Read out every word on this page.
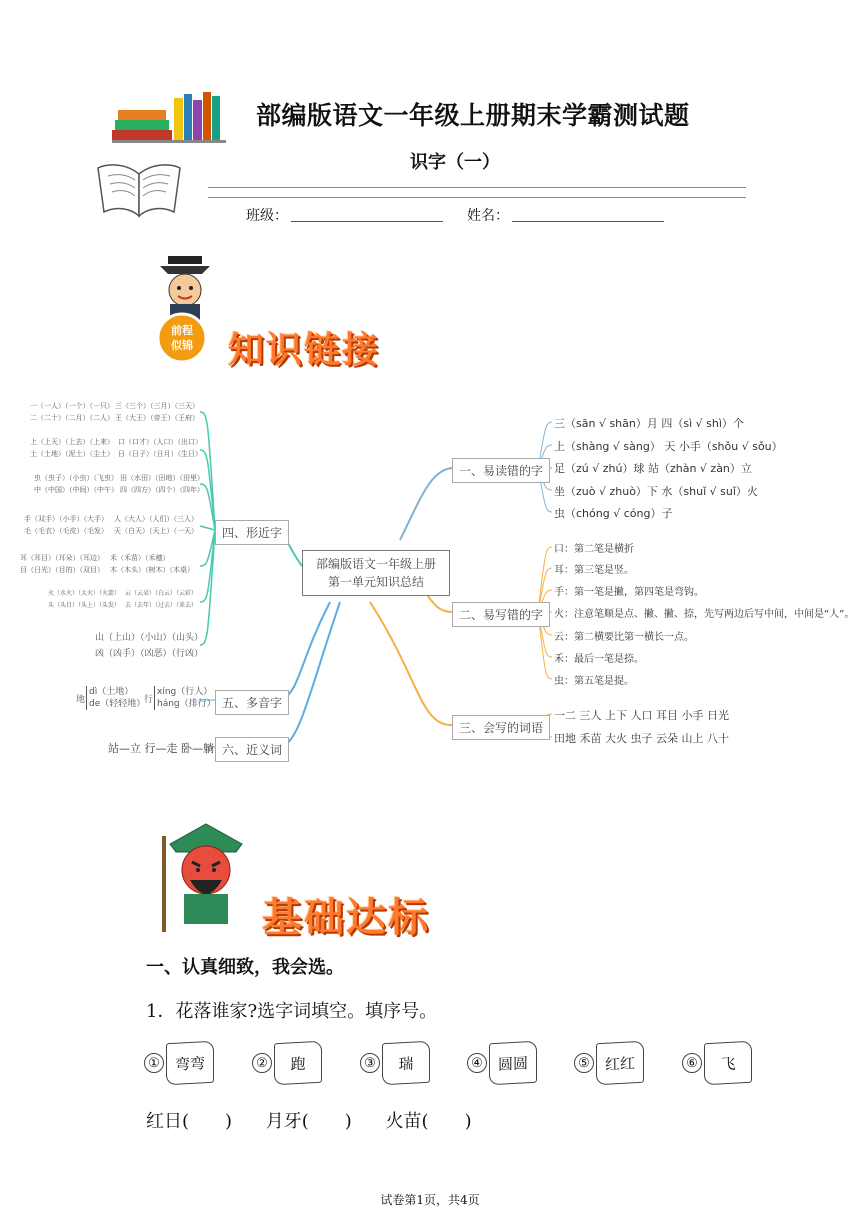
部编版语文一年级上册期末学霸测试题
识字（一）
班级：	姓名：
前程
似锦 知识链接
部编版语文一年级上册
第一单元知识总结
一、易读错的字
二、易写错的字
三、会写的词语
四、形近字
五、多音字
六、近义词
三（sān √ shān）月 四（sì √ shì）个
上（shàng √ sàng） 天 小手（shǒu √ sǒu）
足（zú √ zhú）球 站（zhàn √ zàn）立
坐（zuò √ zhuò）下 水（shuǐ √ suǐ）火
虫（chóng √ cóng）子
口：第二笔是横折
耳：第三笔是竖。
手：第一笔是撇，第四笔是弯钩。
火：注意笔顺是点、撇、撇、捺，先写两边后写中间，中间是“人”。
云：第二横要比第一横长一点。
禾：最后一笔是捺。
虫：第五笔是提。
一二 三人 上下 人口 耳目 小手 日光
田地 禾苗 大火 虫子 云朵 山上 八十
一（一人）（一个）（一只）
二（二十）（二月）（二人）
三（三个）（三月）（三天）
王（大王）（帝王）（王府）
上（上天）（上去）（上来）
土（土地）（泥土）（尘土）
口（口才）（人口）（出口）
日（日子）（日月）（生日）
虫（虫子）（小虫）（飞虫）
中（中国）（中间）（中午）
田（水田）（田地）（田里）
四（四方）（四个）（四年）
手（双手）（小手）（大手）
毛（毛衣）（毛皮）（毛发）
人（大人）（人们）（三人）
天（白天）（天上）（一天）
耳（耳目）（耳朵）（耳边）
目（日光）（目的）（双目）
禾（禾苗）（禾穗）
木（木头）（树木）（木桌）
火（水火）（大火）（火箭）
头（头目）（头上）（头发）
云（云朵）（白云）（云彩）
去（去年）（过去）（来去）
山（上山）（小山）（山头）
凶（凶手）（凶恶）（行凶）
地
dì（土地）
de（轻轻地）
行
xíng（行人）
háng（排行）
站—立 行—走 卧—躺
基础达标
一、认真细致，我会选。
1．花落谁家?选字词填空。填序号。
①	弯弯	②	跑	③	瑞	④	圆圆	⑤	红红	⑥	飞
红日(　　) 月牙(　　) 火苗(　　)
试卷第1页，共4页
